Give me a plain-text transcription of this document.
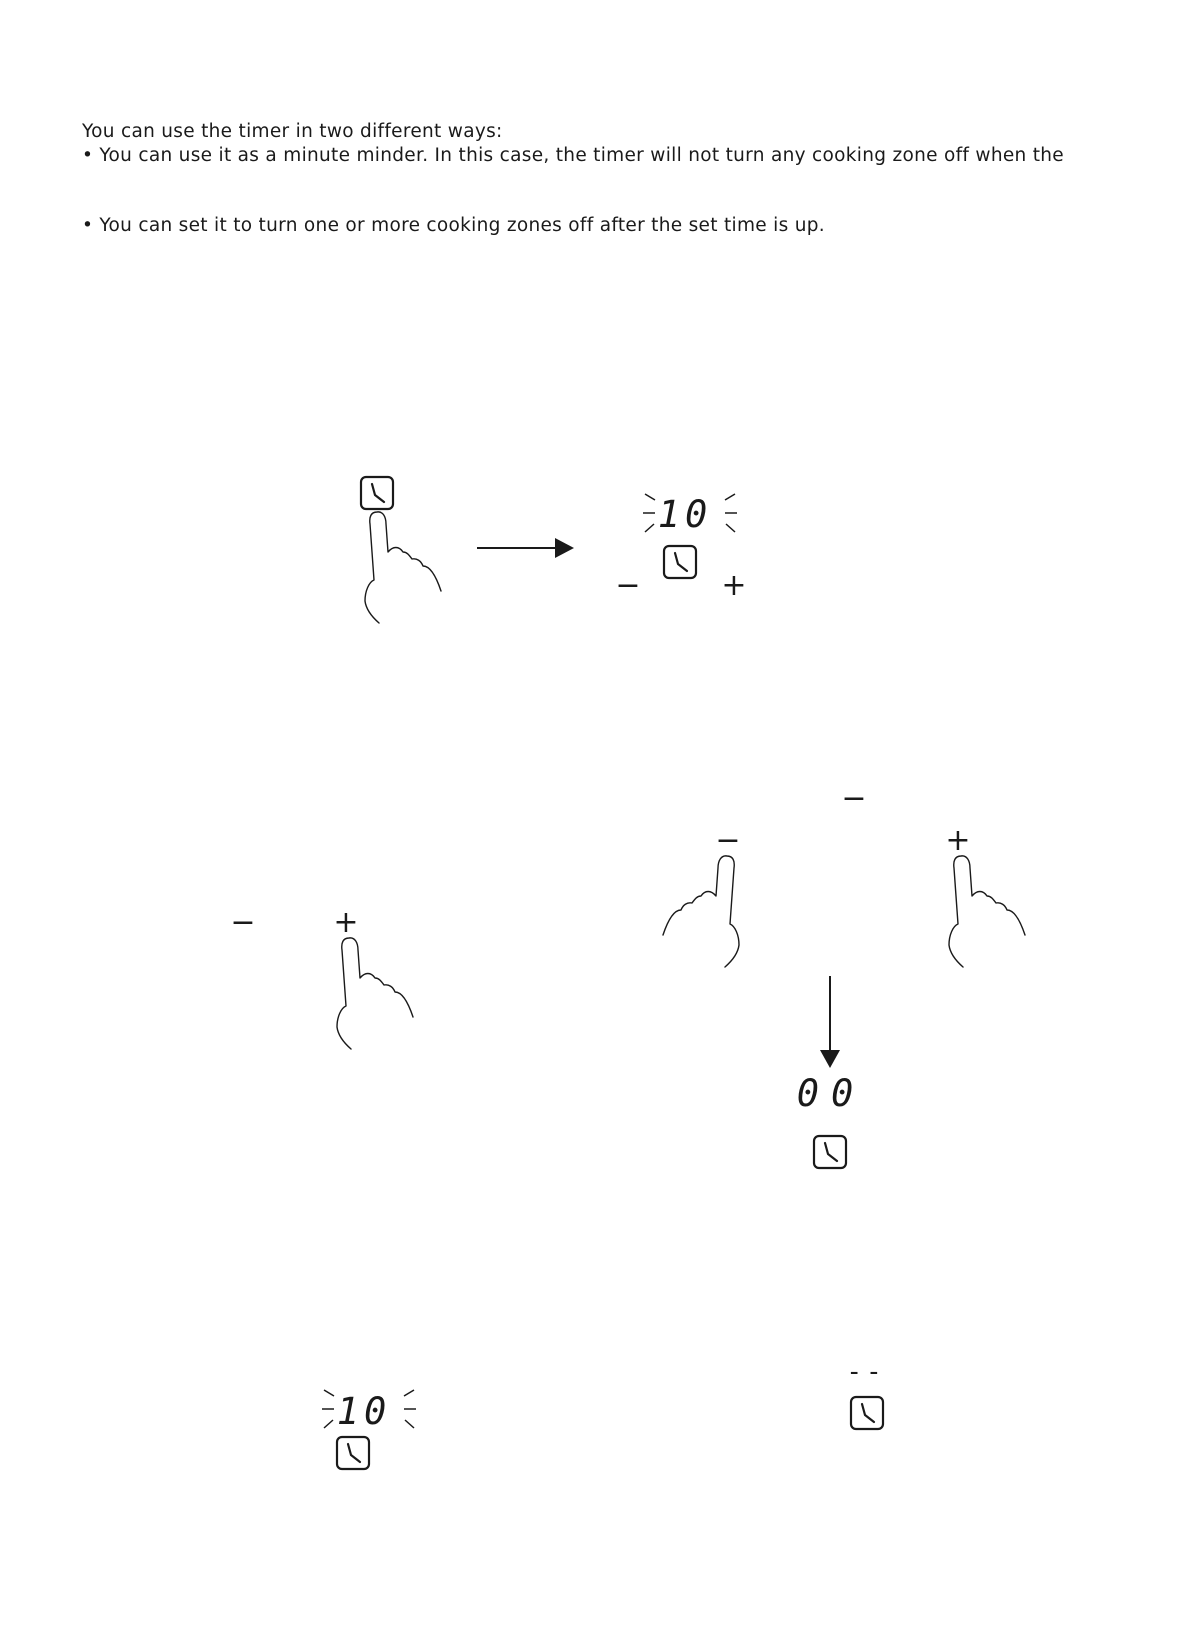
You can use the timer in two different ways:

• You can use it as a minute minder. In this case, the timer will not turn any cooking zone off when the

• You can set it to turn one or more cooking zones off after the set time is up.

10
−	+
−	+
−
−	+
00
10
--
